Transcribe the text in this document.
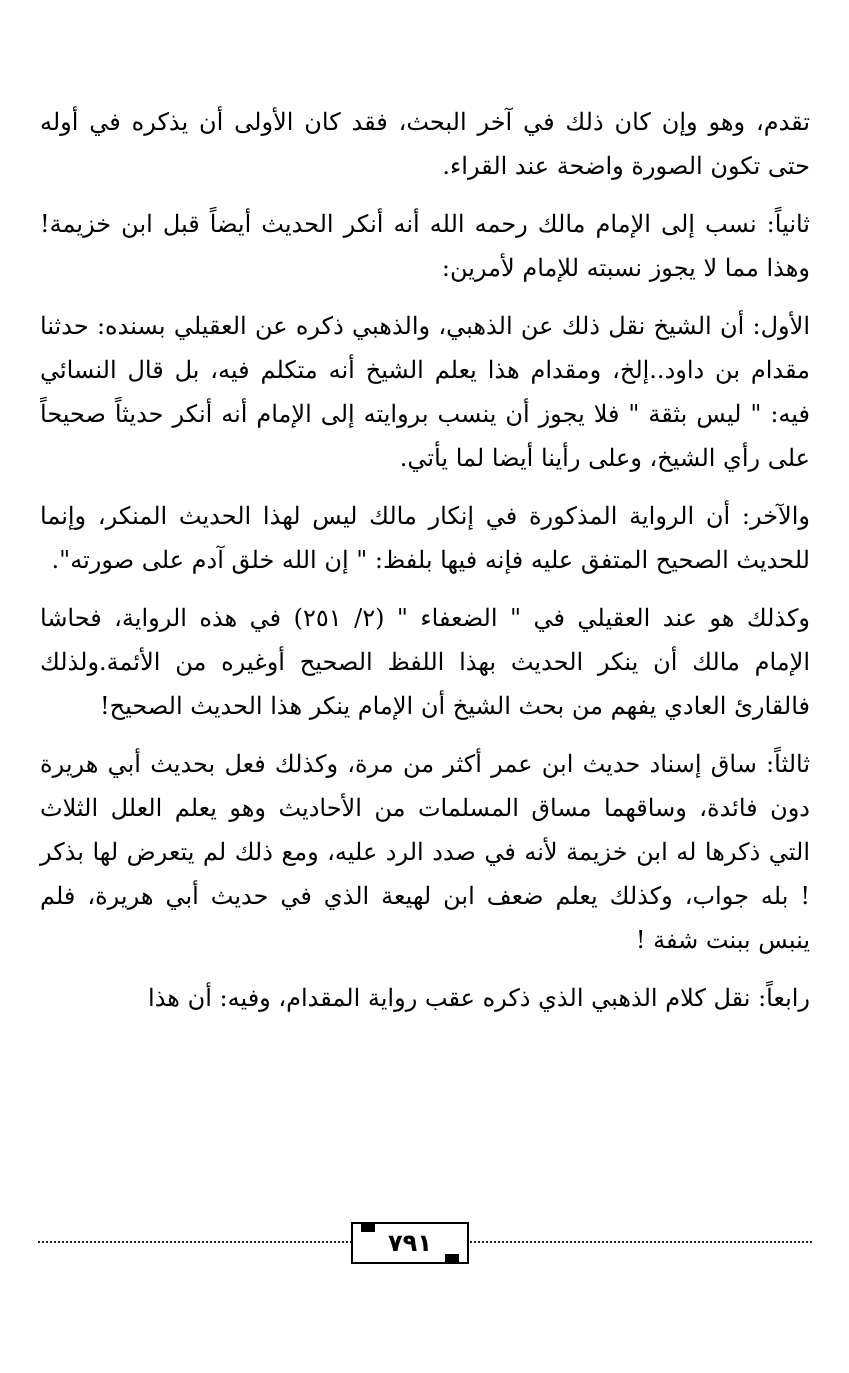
تقدم، وهو وإن كان ذلك في آخر البحث، فقد كان الأولى أن يذكره في أوله حتى تكون الصورة واضحة عند القراء.

ثانياً: نسب إلى الإمام مالك رحمه الله أنه أنكر الحديث أيضاً قبل ابن خزيمة! وهذا مما لا يجوز نسبته للإمام لأمرين:

الأول: أن الشيخ نقل ذلك عن الذهبي، والذهبي ذكره عن العقيلي بسنده: حدثنا مقدام بن داود..إلخ، ومقدام هذا يعلم الشيخ أنه متكلم فيه، بل قال النسائي فيه: " ليس بثقة " فلا يجوز أن ينسب بروايته إلى الإمام أنه أنكر حديثاً صحيحاً على رأي الشيخ، وعلى رأينا أيضا لما يأتي.

والآخر: أن الرواية المذكورة في إنكار مالك ليس لهذا الحديث المنكر، وإنما للحديث الصحيح المتفق عليه فإنه فيها بلفظ: " إن الله خلق آدم على صورته".

وكذلك هو عند العقيلي في " الضعفاء " (٢/ ٢٥١) في هذه الرواية، فحاشا الإمام مالك أن ينكر الحديث بهذا اللفظ الصحيح أوغيره من الأئمة.ولذلك فالقارئ العادي يفهم من بحث الشيخ أن الإمام ينكر هذا الحديث الصحيح!

ثالثاً: ساق إسناد حديث ابن عمر أكثر من مرة، وكذلك فعل بحديث أبي هريرة دون فائدة، وساقهما مساق المسلمات من الأحاديث وهو يعلم العلل الثلاث التي ذكرها له ابن خزيمة لأنه في صدد الرد عليه، ومع ذلك لم يتعرض لها بذكر ! بله جواب، وكذلك يعلم ضعف ابن لهيعة الذي في حديث أبي هريرة، فلم ينبس ببنت شفة !

رابعاً: نقل كلام الذهبي الذي ذكره عقب رواية المقدام، وفيه: أن هذا

٧٩١
